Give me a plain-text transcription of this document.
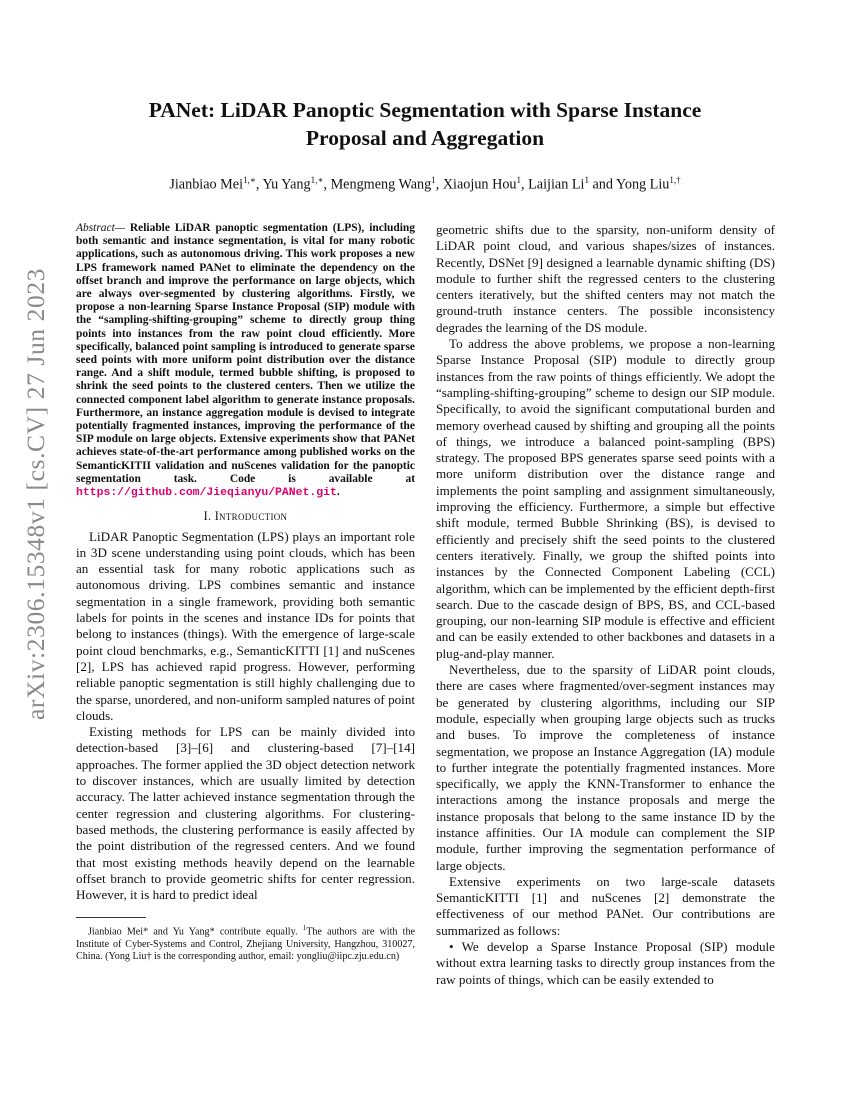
arXiv:2306.15348v1 [cs.CV] 27 Jun 2023
PANet: LiDAR Panoptic Segmentation with Sparse Instance
Proposal and Aggregation
Jianbiao Mei$^{1,∗}$, Yu Yang$^{1,∗}$, Mengmeng Wang$^1$, Xiaojun Hou$^1$, Laijian Li$^1$ and Yong Liu$^{1,\dagger}$
Abstract— Reliable LiDAR panoptic segmentation (LPS), including both semantic and instance segmentation, is vital for many robotic applications, such as autonomous driving. This work proposes a new LPS framework named PANet to eliminate the dependency on the offset branch and improve the performance on large objects, which are always over-segmented by clustering algorithms. Firstly, we propose a non-learning Sparse Instance Proposal (SIP) module with the “sampling-shifting-grouping” scheme to directly group thing points into instances from the raw point cloud efficiently. More specifically, balanced point sampling is introduced to generate sparse seed points with more uniform point distribution over the distance range. And a shift module, termed bubble shifting, is proposed to shrink the seed points to the clustered centers. Then we utilize the connected component label algorithm to generate instance proposals. Furthermore, an instance aggregation module is devised to integrate potentially fragmented instances, improving the performance of the SIP module on large objects. Extensive experiments show that PANet achieves state-of-the-art performance among published works on the SemanticKITII validation and nuScenes validation for the panoptic segmentation task. Code is available at https://github.com/Jieqianyu/PANet.git.
I. Introduction

LiDAR Panoptic Segmentation (LPS) plays an important role in 3D scene understanding using point clouds, which has been an essential task for many robotic applications such as autonomous driving. LPS combines semantic and instance segmentation in a single framework, providing both semantic labels for points in the scenes and instance IDs for points that belong to instances (things). With the emergence of large-scale point cloud benchmarks, e.g., SemanticKITTI [1] and nuScenes [2], LPS has achieved rapid progress. However, performing reliable panoptic segmentation is still highly challenging due to the sparse, unordered, and non-uniform sampled natures of point clouds.

Existing methods for LPS can be mainly divided into detection-based [3]–[6] and clustering-based [7]–[14] approaches. The former applied the 3D object detection network to discover instances, which are usually limited by detection accuracy. The latter achieved instance segmentation through the center regression and clustering algorithms. For clustering-based methods, the clustering performance is easily affected by the point distribution of the regressed centers. And we found that most existing methods heavily depend on the learnable offset branch to provide geometric shifts for center regression. However, it is hard to predict ideal

Jianbiao Mei* and Yu Yang* contribute equally. $^1$The authors are with the Institute of Cyber-Systems and Control, Zhejiang University, Hangzhou, 310027, China. (Yong Liu† is the corresponding author, email: yongliu@iipc.zju.edu.cn)

geometric shifts due to the sparsity, non-uniform density of LiDAR point cloud, and various shapes/sizes of instances. Recently, DSNet [9] designed a learnable dynamic shifting (DS) module to further shift the regressed centers to the clustering centers iteratively, but the shifted centers may not match the ground-truth instance centers. The possible inconsistency degrades the learning of the DS module.

To address the above problems, we propose a non-learning Sparse Instance Proposal (SIP) module to directly group instances from the raw points of things efficiently. We adopt the “sampling-shifting-grouping” scheme to design our SIP module. Specifically, to avoid the significant computational burden and memory overhead caused by shifting and grouping all the points of things, we introduce a balanced point-sampling (BPS) strategy. The proposed BPS generates sparse seed points with a more uniform distribution over the distance range and implements the point sampling and assignment simultaneously, improving the efficiency. Furthermore, a simple but effective shift module, termed Bubble Shrinking (BS), is devised to efficiently and precisely shift the seed points to the clustered centers iteratively. Finally, we group the shifted points into instances by the Connected Component Labeling (CCL) algorithm, which can be implemented by the efficient depth-first search. Due to the cascade design of BPS, BS, and CCL-based grouping, our non-learning SIP module is effective and efficient and can be easily extended to other backbones and datasets in a plug-and-play manner.

Nevertheless, due to the sparsity of LiDAR point clouds, there are cases where fragmented/over-segment instances may be generated by clustering algorithms, including our SIP module, especially when grouping large objects such as trucks and buses. To improve the completeness of instance segmentation, we propose an Instance Aggregation (IA) module to further integrate the potentially fragmented instances. More specifically, we apply the KNN-Transformer to enhance the interactions among the instance proposals and merge the instance proposals that belong to the same instance ID by the instance affinities. Our IA module can complement the SIP module, further improving the segmentation performance of large objects.

Extensive experiments on two large-scale datasets SemanticKITTI [1] and nuScenes [2] demonstrate the effectiveness of our method PANet. Our contributions are summarized as follows:

• We develop a Sparse Instance Proposal (SIP) module without extra learning tasks to directly group instances from the raw points of things, which can be easily extended to
